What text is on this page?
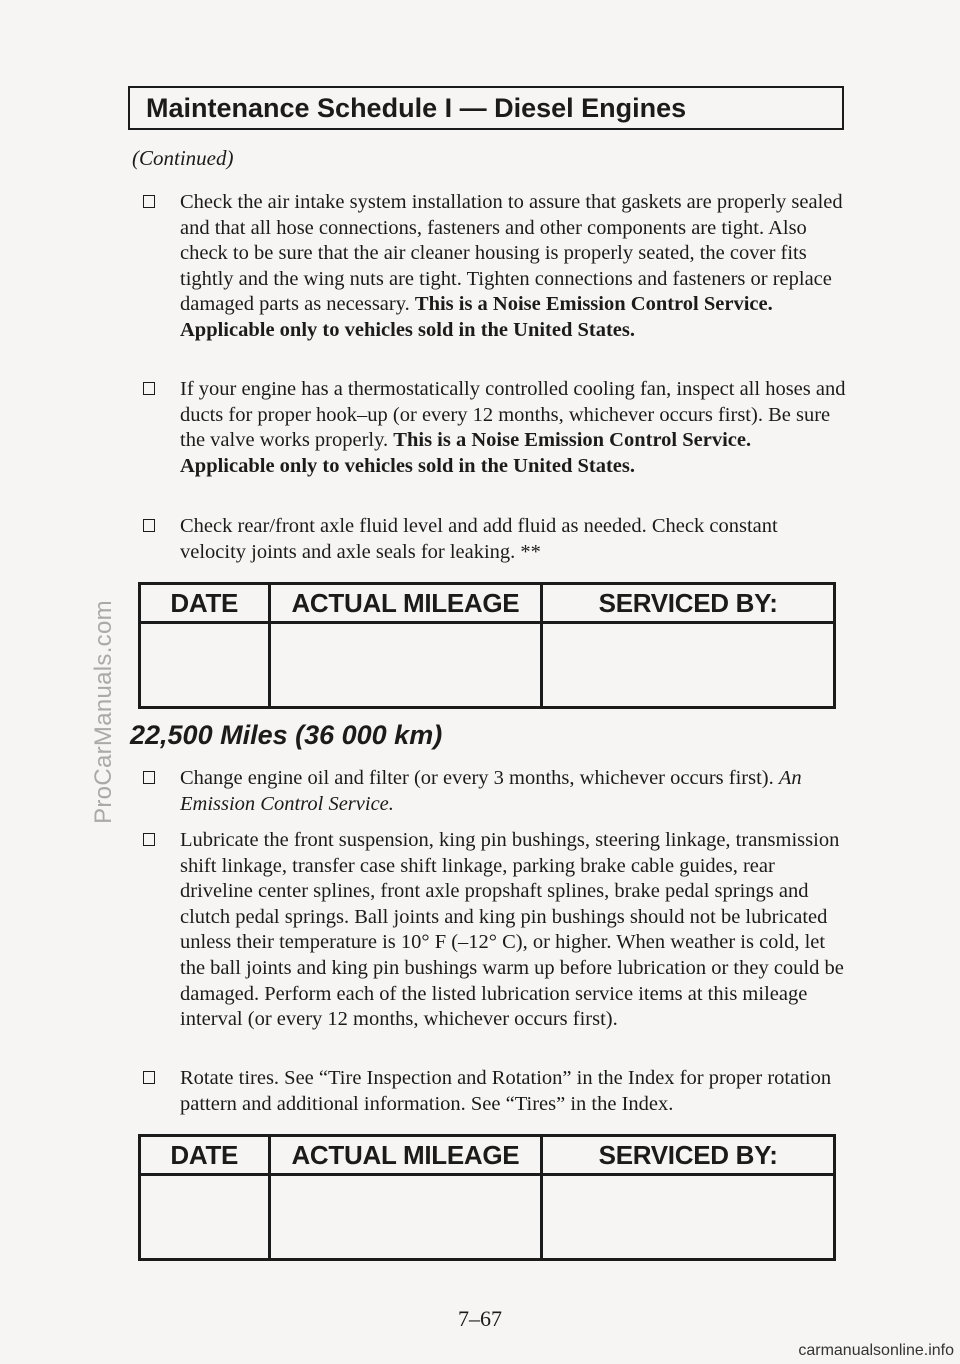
ProCarManuals.com
Maintenance Schedule I — Diesel Engines
(Continued)
Check the air intake system installation to assure that gaskets are properly sealed and that all hose connections, fasteners and other components are tight. Also check to be sure that the air cleaner housing is properly seated, the cover fits tightly and the wing nuts are tight. Tighten connections and fasteners or replace damaged parts as necessary. This is a Noise Emission Control Service. Applicable only to vehicles sold in the United States.
If your engine has a thermostatically controlled cooling fan, inspect all hoses and ducts for proper hook–up (or every 12 months, whichever occurs first). Be sure the valve works properly. This is a Noise Emission Control Service. Applicable only to vehicles sold in the United States.
Check rear/front axle fluid level and add fluid as needed. Check constant velocity joints and axle seals for leaking. **
DATE	ACTUAL MILEAGE	SERVICED BY:

22,500 Miles (36 000 km)
Change engine oil and filter (or every 3 months, whichever occurs first). An Emission Control Service.
Lubricate the front suspension, king pin bushings, steering linkage, transmission shift linkage, transfer case shift linkage, parking brake cable guides, rear driveline center splines, front axle propshaft splines, brake pedal springs and clutch pedal springs. Ball joints and king pin bushings should not be lubricated unless their temperature is 10° F (–12° C), or higher. When weather is cold, let the ball joints and king pin bushings warm up before lubrication or they could be damaged. Perform each of the listed lubrication service items at this mileage interval (or every 12 months, whichever occurs first).
Rotate tires. See “Tire Inspection and Rotation” in the Index for proper rotation pattern and additional information. See “Tires” in the Index.
DATE	ACTUAL MILEAGE	SERVICED BY:

7–67
carmanualsonline.info
